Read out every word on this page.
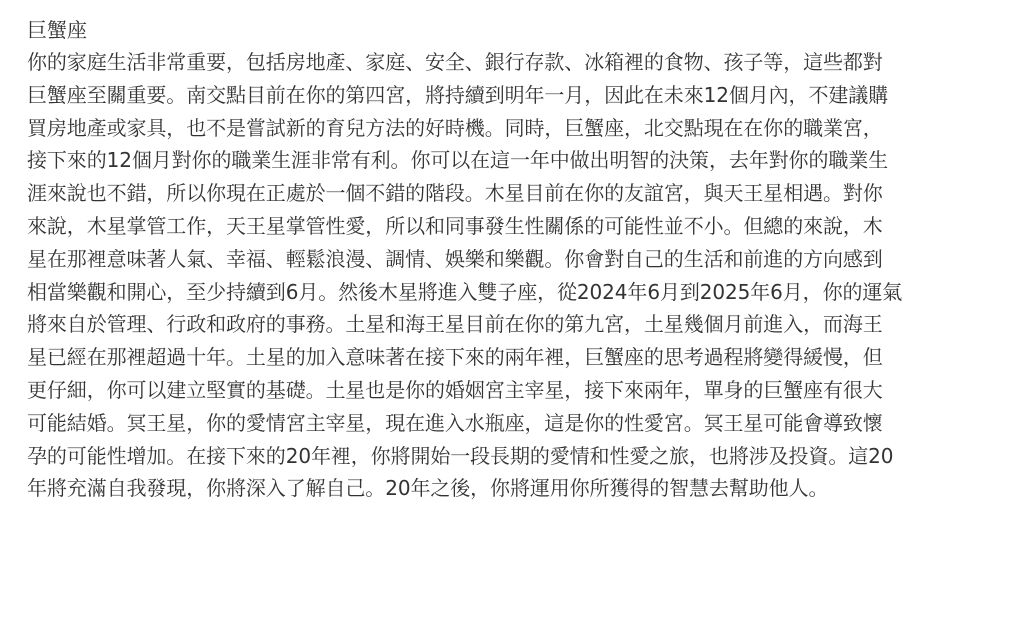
巨蟹座
你的家庭生活非常重要，包括房地產、家庭、安全、銀行存款、冰箱裡的食物、孩子等，這些都對
巨蟹座至關重要。南交點目前在你的第四宮，將持續到明年一月，因此在未來12個月內，不建議購
買房地產或家具，也不是嘗試新的育兒方法的好時機。同時，巨蟹座，北交點現在在你的職業宮，
接下來的12個月對你的職業生涯非常有利。你可以在這一年中做出明智的決策，去年對你的職業生
涯來說也不錯，所以你現在正處於一個不錯的階段。木星目前在你的友誼宮，與天王星相遇。對你
來說，木星掌管工作，天王星掌管性愛，所以和同事發生性關係的可能性並不小。但總的來說，木
星在那裡意味著人氣、幸福、輕鬆浪漫、調情、娛樂和樂觀。你會對自己的生活和前進的方向感到
相當樂觀和開心，至少持續到6月。然後木星將進入雙子座，從2024年6月到2025年6月，你的運氣
將來自於管理、行政和政府的事務。土星和海王星目前在你的第九宮，土星幾個月前進入，而海王
星已經在那裡超過十年。土星的加入意味著在接下來的兩年裡，巨蟹座的思考過程將變得緩慢，但
更仔細，你可以建立堅實的基礎。土星也是你的婚姻宮主宰星，接下來兩年，單身的巨蟹座有很大
可能結婚。冥王星，你的愛情宮主宰星，現在進入水瓶座，這是你的性愛宮。冥王星可能會導致懷
孕的可能性增加。在接下來的20年裡，你將開始一段長期的愛情和性愛之旅，也將涉及投資。這20
年將充滿自我發現，你將深入了解自己。20年之後，你將運用你所獲得的智慧去幫助他人。
